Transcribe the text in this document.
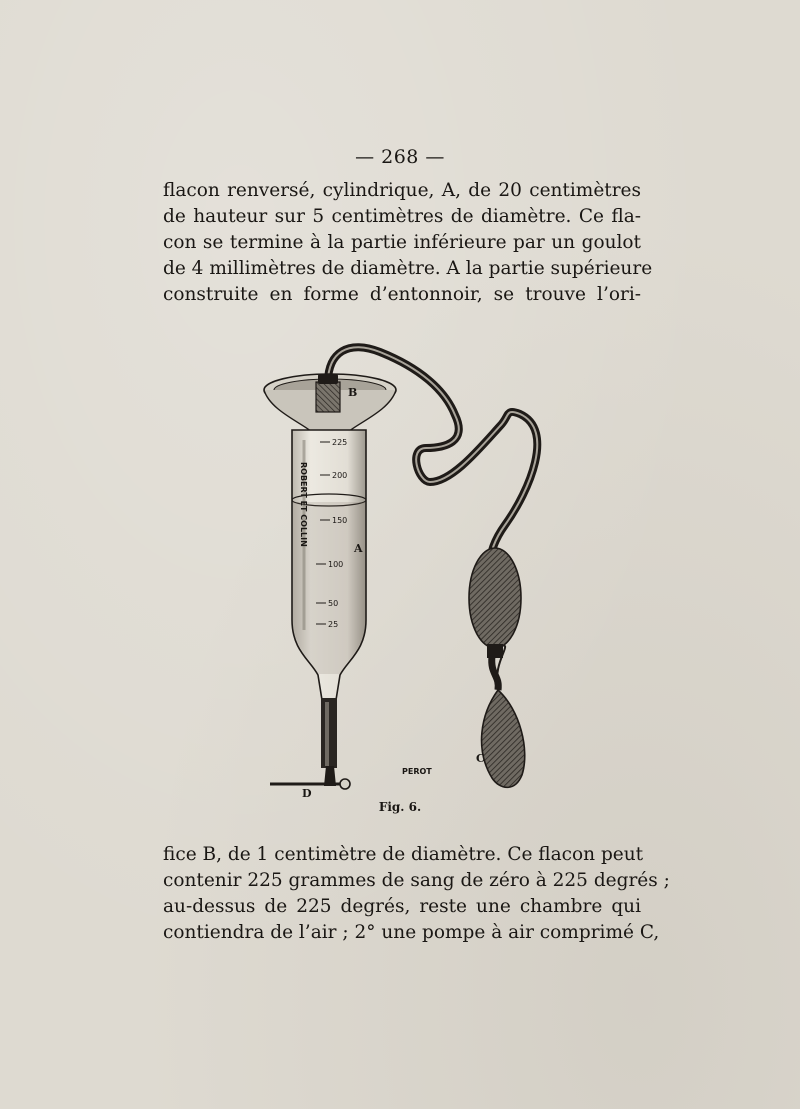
— 268 —

flacon renversé, cylindrique, A, de 20 centimètres
de hauteur sur 5 centimètres de diamètre. Ce fla-
con se termine à la partie inférieure par un goulot
de 4 millimètres de diamètre. A la partie supérieure
construite en forme d’entonnoir, se trouve l’ori-

225
200
150
100
50
25
ROBERT ET COLLIN
B
A
C
D
PEROT
Fig. 6.

fice B, de 1 centimètre de diamètre. Ce flacon peut
contenir 225 grammes de sang de zéro à 225 degrés ;
au-dessus de 225 degrés, reste une chambre qui
contiendra de l’air ; 2° une pompe à air comprimé C,
